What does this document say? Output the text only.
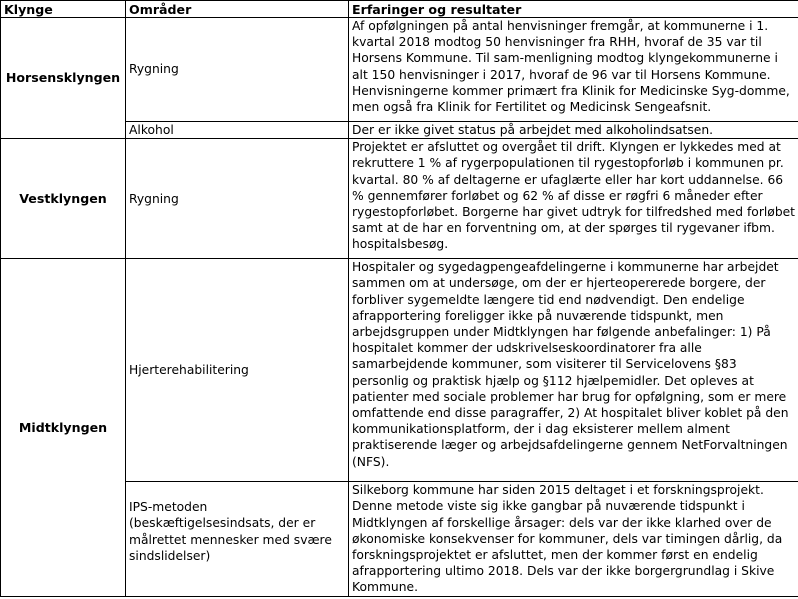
Klynge	Områder	Erfaringer og resultater
Horsensklyngen	Rygning	Af opfølgningen på antal henvisninger fremgår, at kommunerne i 1. kvartal 2018 modtog 50 henvisninger fra RHH, hvoraf de 35 var til Horsens Kommune. Til sam-menligning modtog klyngekommunerne i alt 150 henvisninger i 2017, hvoraf de 96 var til Horsens Kommune. Henvisningerne kommer primært fra Klinik for Medicinske Syg-domme, men også fra Klinik for Fertilitet og Medicinsk Sengeafsnit.
	Alkohol	Der er ikke givet status på arbejdet med alkoholindsatsen.
Vestklyngen	Rygning	Projektet er afsluttet og overgået til drift. Klyngen er lykkedes med at rekruttere 1 % af rygerpopulationen til rygestopforløb i kommunen pr. kvartal. 80 % af deltagerne er ufaglærte eller har kort uddannelse. 66 % gennemfører forløbet og 62 % af disse er røgfri 6 måneder efter rygestopforløbet. Borgerne har givet udtryk for tilfredshed med forløbet samt at de har en forventning om, at der spørges til rygevaner ifbm. hospitalsbesøg.
Midtklyngen	Hjerterehabilitering	Hospitaler og sygedagpengeafdelingerne i kommunerne har arbejdet sammen om at undersøge, om der er hjerteopererede borgere, der forbliver sygemeldte længere tid end nødvendigt. Den endelige afrapportering foreligger ikke på nuværende tidspunkt, men arbejdsgruppen under Midtklyngen har følgende anbefalinger: 1) På hospitalet kommer der udskrivelseskoordinatorer fra alle samarbejdende kommuner, som visiterer til Servicelovens §83 personlig og praktisk hjælp og §112 hjælpemidler. Det opleves at patienter med sociale problemer har brug for opfølgning, som er mere omfattende end disse paragraffer, 2) At hospitalet bliver koblet på den kommunikationsplatform, der i dag eksisterer mellem alment praktiserende læger og arbejdsafdelingerne gennem NetForvaltningen (NFS).
	IPS-metoden (beskæftigelsesindsats, der er målrettet mennesker med svære sindslidelser)	Silkeborg kommune har siden 2015 deltaget i et forskningsprojekt. Denne metode viste sig ikke gangbar på nuværende tidspunkt i Midtklyngen af forskellige årsager: dels var der ikke klarhed over de økonomiske konsekvenser for kommuner, dels var timingen dårlig, da forskningsprojektet er afsluttet, men der kommer først en endelig afrapportering ultimo 2018. Dels var der ikke borgergrundlag i Skive Kommune.
